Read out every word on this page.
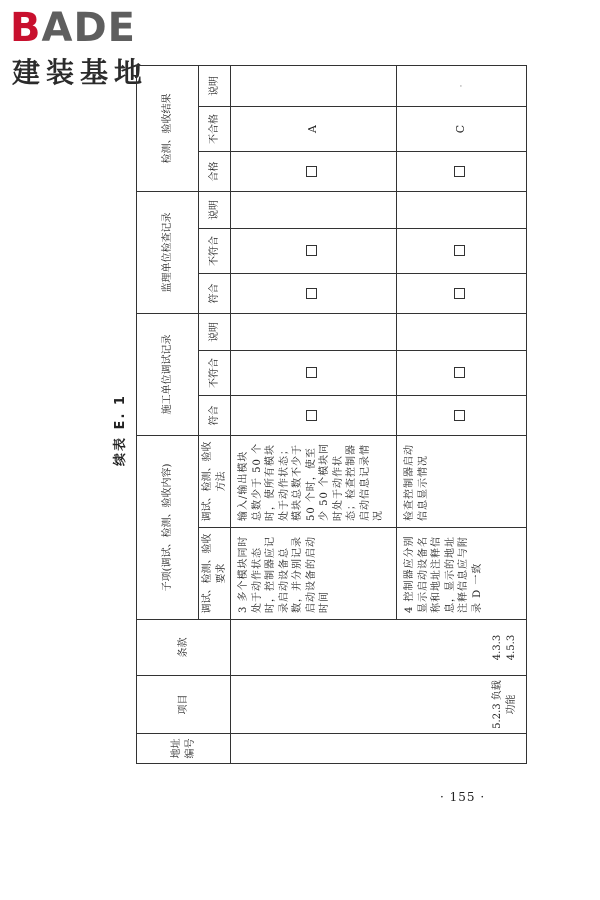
BADE
建装基地
续表 E. 1
地址编号	项目	条款	子项(调试、检测、验收内容)		施工单位调试记录			监理单位检查记录			检测、验收结果		
			调试、检测、验收要求	调试、检测、验收方法	符合	不符合	说明	符合	不符合	说明	合格	不合格	说明
	5.2.3 负载功能	4.3.3 4.5.3	3 多个模块同时处于动作状态时，控制器应记录启动设备总数，并分别记录启动设备的启动时间	输入/输出模块总数少于 50 个时，使所有模块处于动作状态；模块总数不少于 50 个时，使至少 50 个模块同时处于动作状态；检查控制器启动信息记录情况								A	
			4 控制器应分别显示启动设备名称和地址注释信息，显示的地址注释信息应与附录 D 一致	检查控制器启动信息显示情况								C	·
· 155 ·
